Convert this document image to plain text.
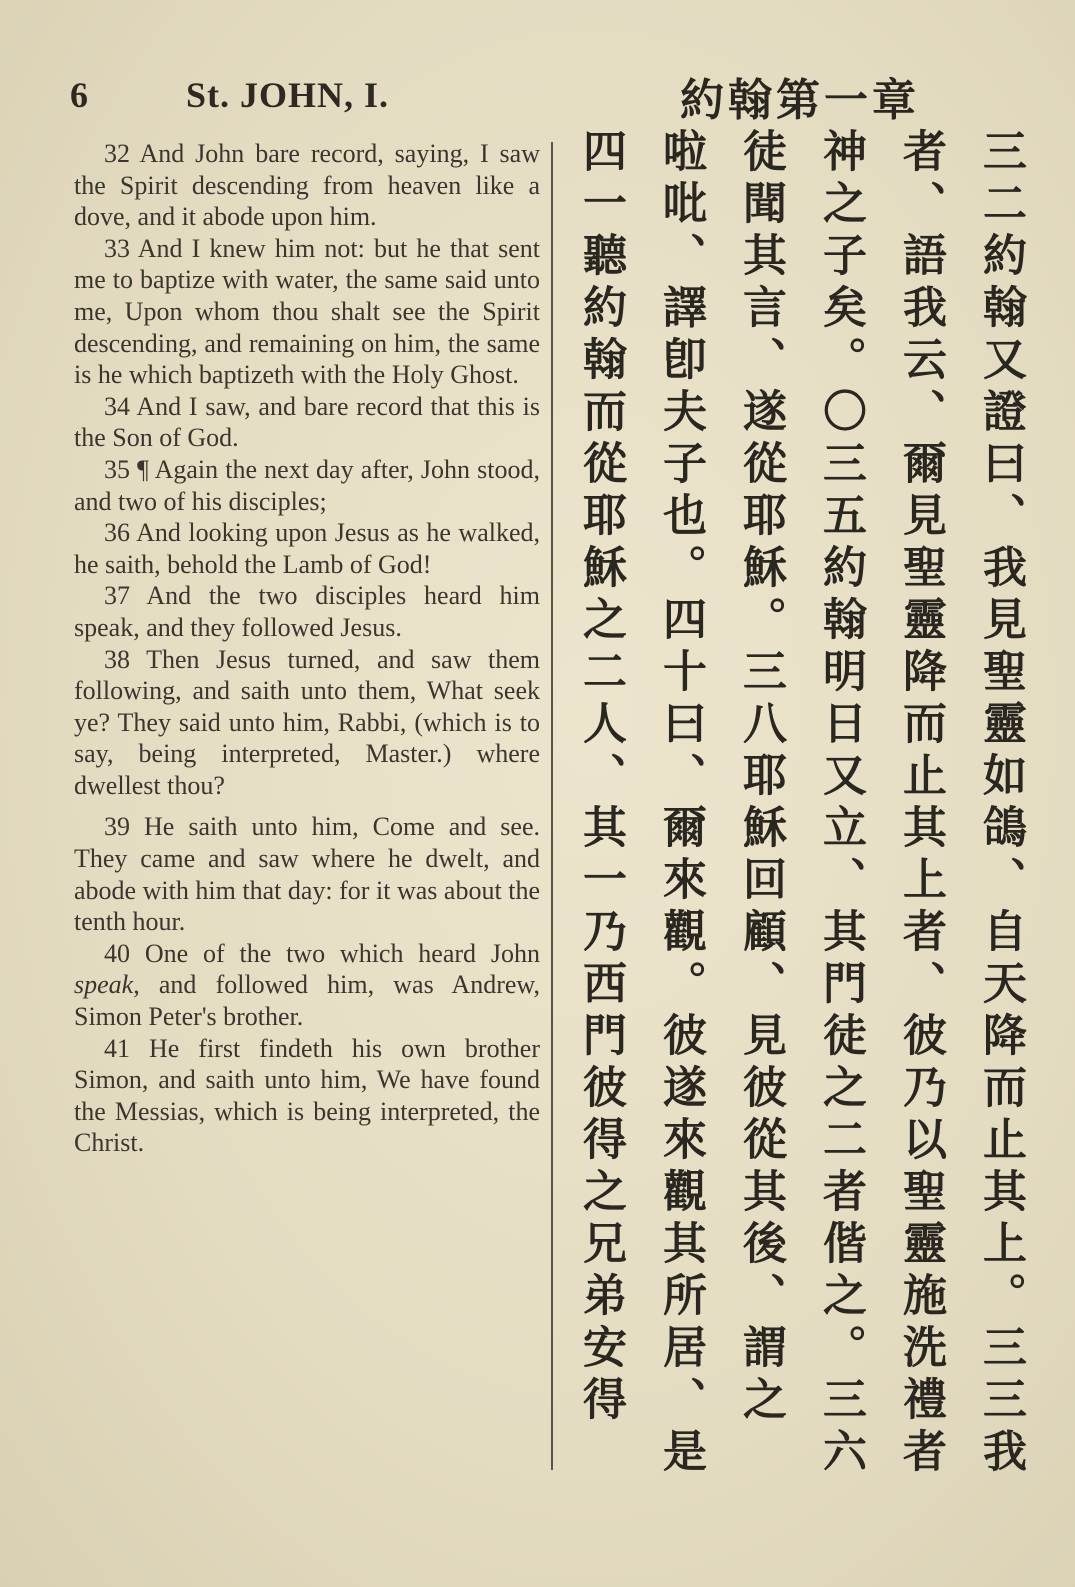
6	St. JOHN, I.	約翰第一章

32 And John bare record, saying, I saw the Spirit descending from heaven like a dove, and it abode upon him.

33 And I knew him not: but he that sent me to baptize with water, the same said unto me, Upon whom thou shalt see the Spirit descending, and remaining on him, the same is he which baptizeth with the Holy Ghost.

34 And I saw, and bare record that this is the Son of God.

35 ¶ Again the next day after, John stood, and two of his disciples;

36 And looking upon Jesus as he walked, he saith, behold the Lamb of God!

37 And the two disciples heard him speak, and they followed Jesus.

38 Then Jesus turned, and saw them following, and saith unto them, What seek ye? They said unto him, Rabbi, (which is to say, being interpreted, Master.) where dwellest thou?

39 He saith unto him, Come and see. They came and saw where he dwelt, and abode with him that day: for it was about the tenth hour.

40 One of the two which heard John speak, and followed him, was Andrew, Simon Peter's brother.

41 He first findeth his own brother Simon, and saith unto him, We have found the Messias, which is being interpreted, the Christ.

三二約翰又證曰、我見聖靈如鴿、自天降而止其上。三三我
者、語我云、爾見聖靈降而止其上者、彼乃以聖靈施洗禮者
神之子矣。〇三五約翰明日又立、其門徒之二者偕之。三六
徒聞其言、遂從耶穌。三八耶穌回顧、見彼從其後、謂之
啦吡、譯卽夫子也。四十曰、爾來觀。彼遂來觀其所居、是
四一聽約翰而從耶穌之二人、其一乃西門彼得之兄弟安得
